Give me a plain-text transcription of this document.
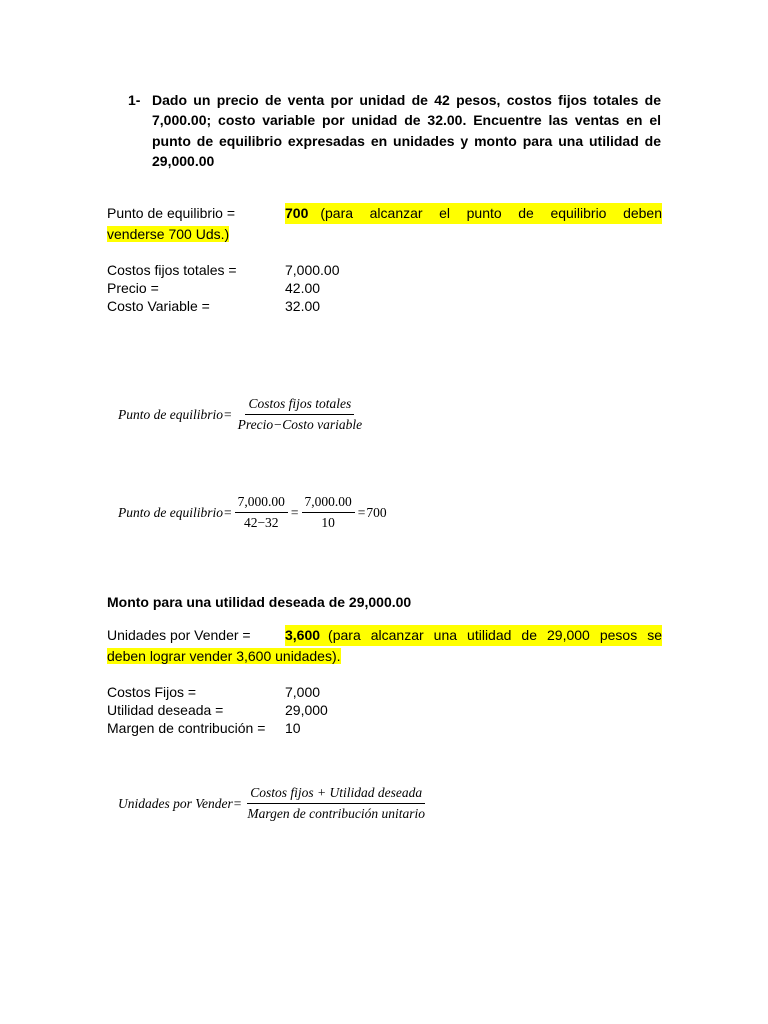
1- Dado un precio de venta por unidad de 42 pesos, costos fijos totales de 7,000.00; costo variable por unidad de 32.00. Encuentre las ventas en el punto de equilibrio expresadas en unidades y monto para una utilidad de 29,000.00
Punto de equilibrio =	700 (para alcanzar el punto de equilibrio deben
venderse 700 Uds.)
Costos fijos totales =	7,000.00
Precio =	42.00
Costo Variable =	32.00
Punto de equilibrio = $\frac{\text{Costos fijos totales}}{\text{Precio−Costo variable}}$
Punto de equilibrio = $\frac{7,000.00}{42-32} = \frac{7,000.00}{10} = 700$
Monto para una utilidad deseada de 29,000.00
Unidades por Vender =	3,600 (para alcanzar una utilidad de 29,000 pesos se
deben lograr vender 3,600 unidades).
Costos Fijos =	7,000
Utilidad deseada =	29,000
Margen de contribución = 10
Unidades por Vender = $\frac{\text{Costos fijos + Utilidad deseada}}{\text{Margen de contribución unitario}}$
